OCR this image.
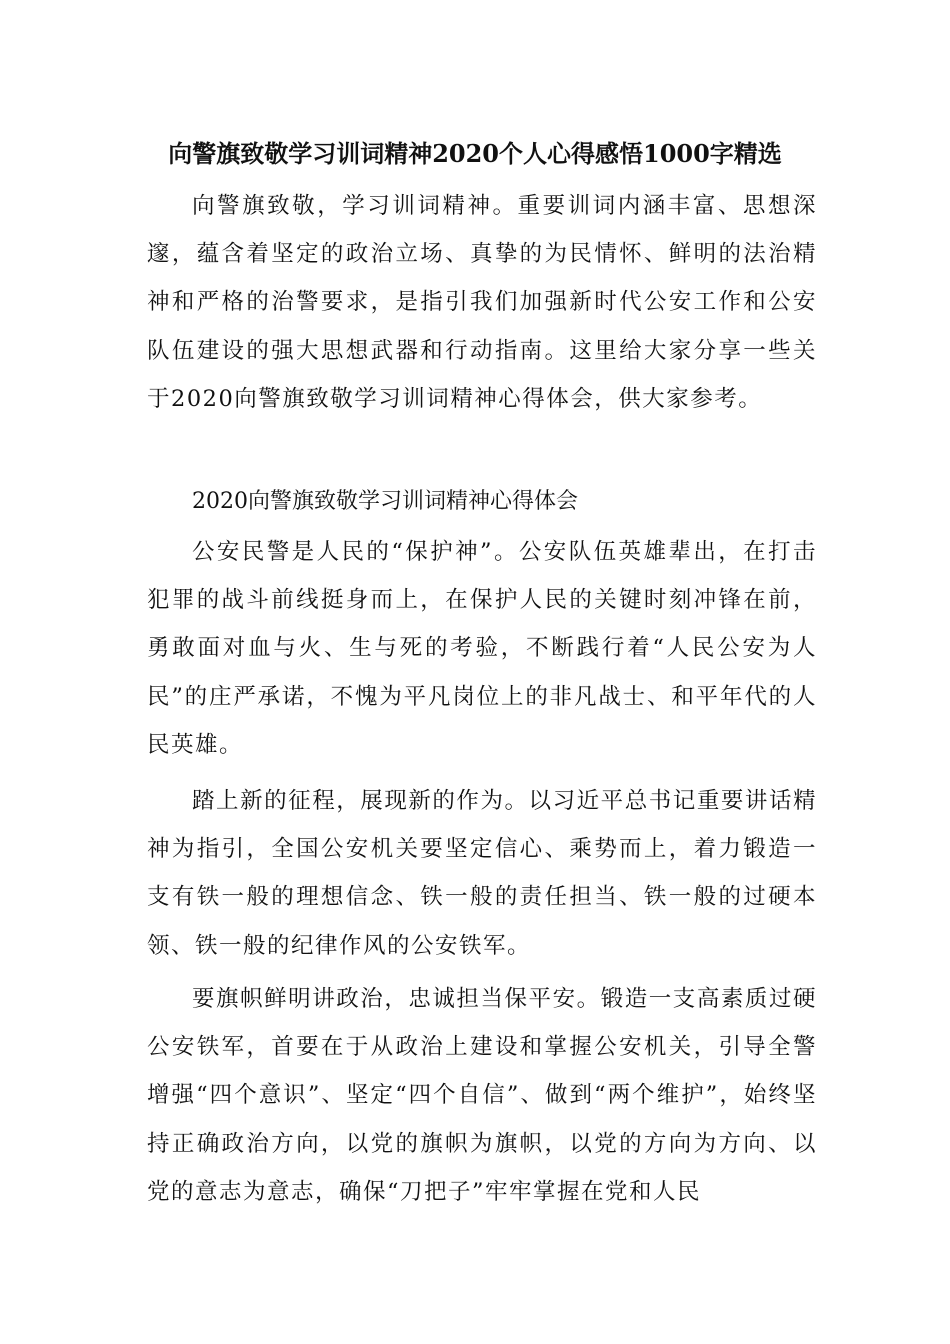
向警旗致敬学习训词精神2020个人心得感悟1000字精选

向警旗致敬，学习训词精神。重要训词内涵丰富、思想深邃，蕴含着坚定的政治立场、真挚的为民情怀、鲜明的法治精神和严格的治警要求，是指引我们加强新时代公安工作和公安队伍建设的强大思想武器和行动指南。这里给大家分享一些关于2020向警旗致敬学习训词精神心得体会，供大家参考。

2020向警旗致敬学习训词精神心得体会

公安民警是人民的“保护神”。公安队伍英雄辈出，在打击犯罪的战斗前线挺身而上，在保护人民的关键时刻冲锋在前，勇敢面对血与火、生与死的考验，不断践行着“人民公安为人民”的庄严承诺，不愧为平凡岗位上的非凡战士、和平年代的人民英雄。

踏上新的征程，展现新的作为。以习近平总书记重要讲话精神为指引，全国公安机关要坚定信心、乘势而上，着力锻造一支有铁一般的理想信念、铁一般的责任担当、铁一般的过硬本领、铁一般的纪律作风的公安铁军。

要旗帜鲜明讲政治，忠诚担当保平安。锻造一支高素质过硬公安铁军，首要在于从政治上建设和掌握公安机关，引导全警增强“四个意识”、坚定“四个自信”、做到“两个维护”，始终坚持正确政治方向，以党的旗帜为旗帜，以党的方向为方向、以党的意志为意志，确保“刀把子”牢牢掌握在党和人民
